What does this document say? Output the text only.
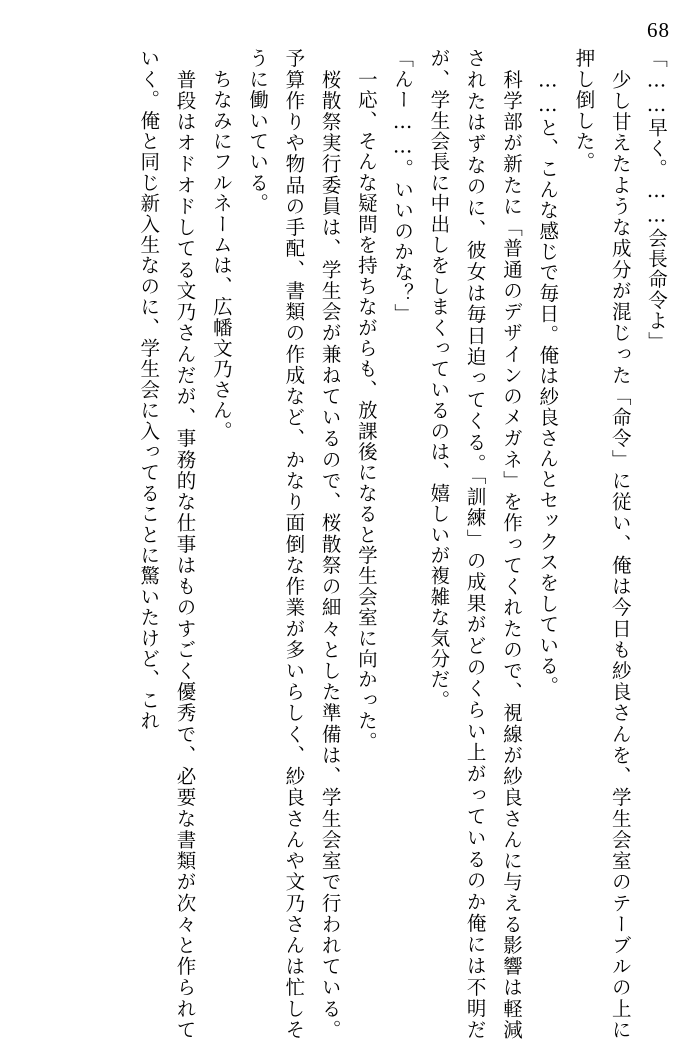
68

「……早く。……会長命令よ」

　少し甘えたような成分が混じった「命令」に従い、俺は今日も紗良さんを、学生会室のテーブルの上に押し倒した。

　……と、こんな感じで毎日。俺は紗良さんとセックスをしている。

　科学部が新たに「普通のデザインのメガネ」を作ってくれたので、視線が紗良さんに与える影響は軽減されたはずなのに、彼女は毎日迫ってくる。「訓練」の成果がどのくらい上がっているのか俺には不明だが、学生会長に中出しをしまくっているのは、嬉しいが複雑な気分だ。

「んー……。いいのかな？」

　一応、そんな疑問を持ちながらも、放課後になると学生会室に向かった。

　桜散祭実行委員は、学生会が兼ねているので、桜散祭の細々とした準備は、学生会室で行われている。予算作りや物品の手配、書類の作成など、かなり面倒な作業が多いらしく、紗良さんや文乃さんは忙しそうに働いている。

　ちなみにフルネームは、広幡文乃さん。

　普段はオドオドしてる文乃さんだが、事務的な仕事はものすごく優秀で、必要な書類が次々と作られていく。俺と同じ新入生なのに、学生会に入ってることに驚いたけど、これ
